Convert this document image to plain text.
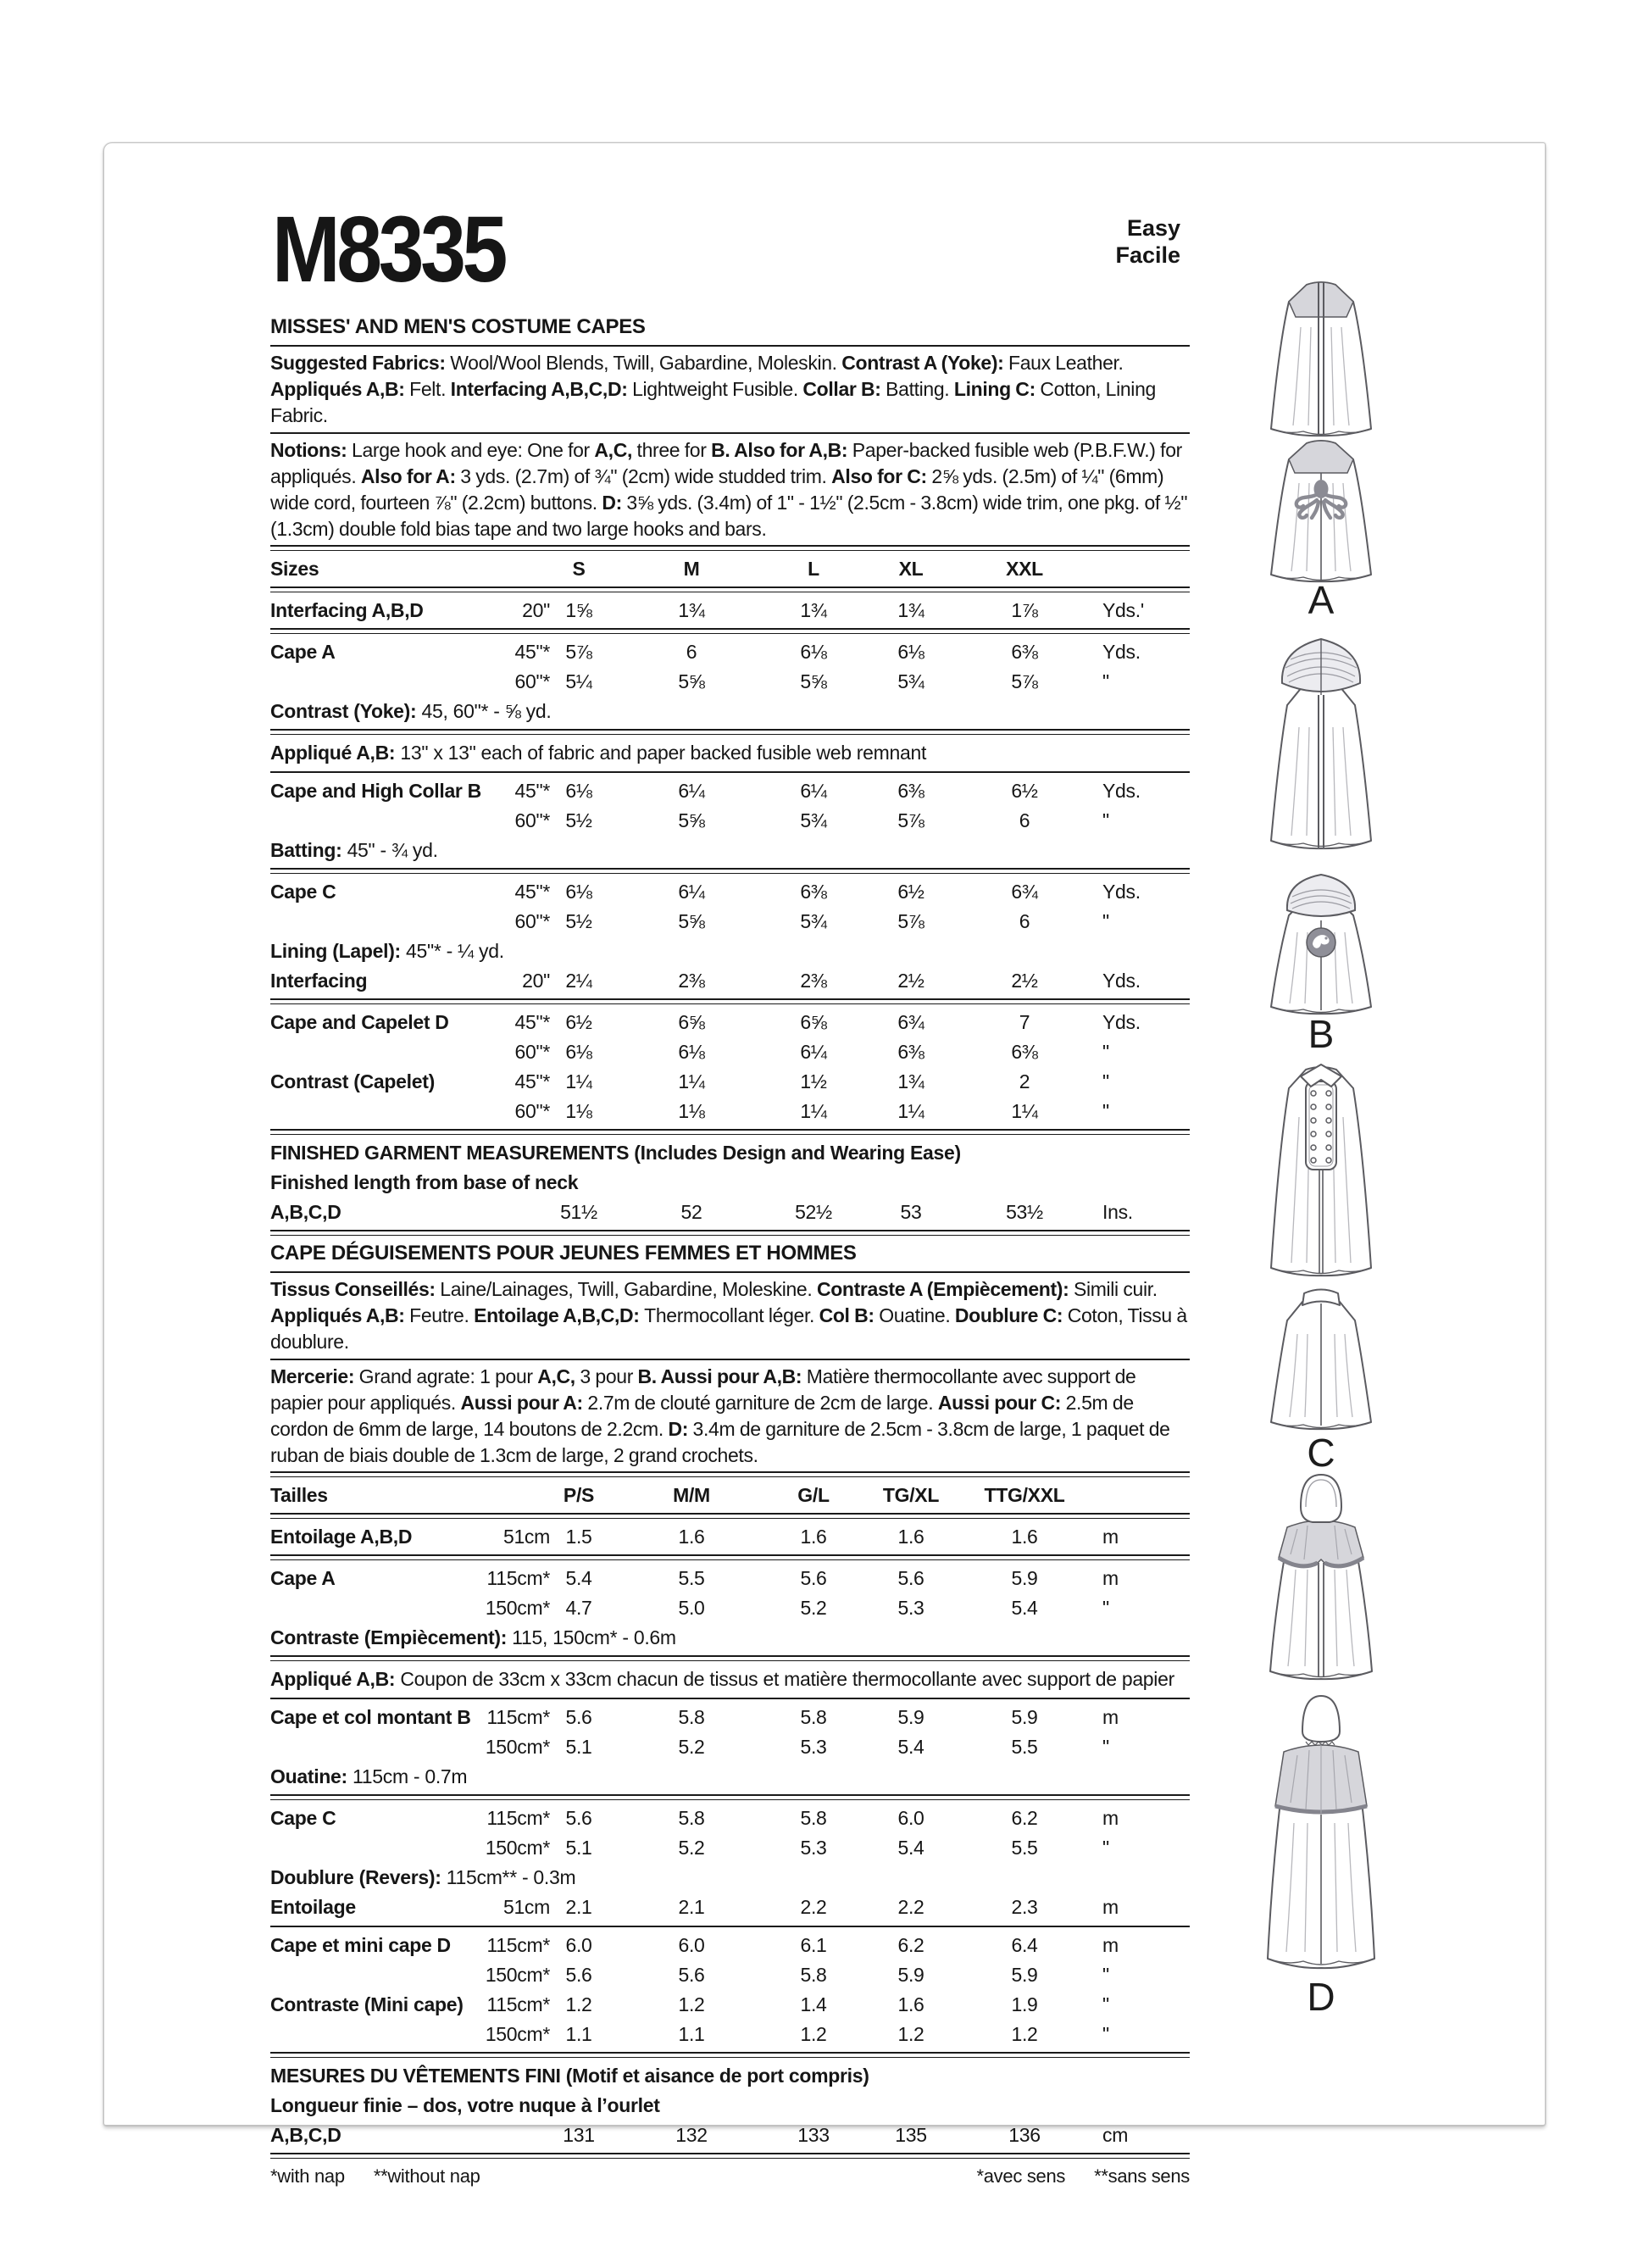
M8335	Easy
Facile
MISSES' AND MEN'S COSTUME CAPES
Suggested Fabrics: Wool/Wool Blends, Twill, Gabardine, Moleskin. Contrast A (Yoke): Faux Leather. Appliqués A,B: Felt. Interfacing A,B,C,D: Lightweight Fusible. Collar B: Batting. Lining C: Cotton, Lining Fabric.
Notions: Large hook and eye: One for A,C, three for B. Also for A,B: Paper-backed fusible web (P.B.F.W.) for appliqués. Also for A: 3 yds. (2.7m) of ¾" (2cm) wide studded trim. Also for C: 2⅝ yds. (2.5m) of ¼" (6mm) wide cord, fourteen ⅞" (2.2cm) buttons. D: 3⅝ yds. (3.4m) of 1" - 1½" (2.5cm - 3.8cm) wide trim, one pkg. of ½" (1.3cm) double fold bias tape and two large hooks and bars.
Sizes	S	M	L	XL	XXL
Interfacing A,B,D	20" 1⅝	1¾	1¾	1¾	1⅞	Yds.'
Cape A	45"* 5⅞	6	6⅛	6⅛	6⅜	Yds.
60"* 5¼	5⅝	5⅝	5¾	5⅞	"
Contrast (Yoke): 45, 60"* - ⅝ yd.
Appliqué A,B: 13" x 13" each of fabric and paper backed fusible web remnant
Cape and High Collar B	45"* 6⅛	6¼	6¼	6⅜	6½	Yds.
60"* 5½	5⅝	5¾	5⅞	6	"
Batting: 45" - ¾ yd.
Cape C	45"* 6⅛	6¼	6⅜	6½	6¾	Yds.
60"* 5½	5⅝	5¾	5⅞	6	"
Lining (Lapel): 45"* - ¼ yd.
Interfacing	20" 2¼	2⅜	2⅜	2½	2½	Yds.
Cape and Capelet D	45"* 6½	6⅝	6⅝	6¾	7	Yds.
60"* 6⅛	6⅛	6¼	6⅜	6⅜	"
Contrast (Capelet)	45"* 1¼	1¼	1½	1¾	2	"
60"* 1⅛	1⅛	1¼	1¼	1¼	"
FINISHED GARMENT MEASUREMENTS (Includes Design and Wearing Ease)
Finished length from base of neck
A,B,C,D	51½	52	52½	53	53½	Ins.
CAPE DÉGUISEMENTS POUR JEUNES FEMMES ET HOMMES
Tissus Conseillés: Laine/Lainages, Twill, Gabardine, Moleskine. Contraste A (Empiècement): Simili cuir. Appliqués A,B: Feutre. Entoilage A,B,C,D: Thermocollant léger. Col B: Ouatine. Doublure C: Coton, Tissu à doublure.
Mercerie: Grand agrate: 1 pour A,C, 3 pour B. Aussi pour A,B: Matière thermocollante avec support de papier pour appliqués. Aussi pour A: 2.7m de clouté garniture de 2cm de large. Aussi pour C: 2.5m de cordon de 6mm de large, 14 boutons de 2.2cm. D: 3.4m de garniture de 2.5cm - 3.8cm de large, 1 paquet de ruban de biais double de 1.3cm de large, 2 grand crochets.
Tailles	P/S	M/M	G/L	TG/XL	TTG/XXL
Entoilage A,B,D	51cm 1.5	1.6	1.6	1.6	1.6	m
Cape A	115cm* 5.4	5.5	5.6	5.6	5.9	m
150cm* 4.7	5.0	5.2	5.3	5.4	"
Contraste (Empiècement): 115, 150cm* - 0.6m
Appliqué A,B: Coupon de 33cm x 33cm chacun de tissus et matière thermocollante avec support de papier
Cape et col montant B 115cm* 5.6	5.8	5.8	5.9	5.9	m
150cm* 5.1	5.2	5.3	5.4	5.5	"
Ouatine: 115cm - 0.7m
Cape C	115cm* 5.6	5.8	5.8	6.0	6.2	m
150cm* 5.1	5.2	5.3	5.4	5.5	"
Doublure (Revers): 115cm** - 0.3m
Entoilage	51cm 2.1	2.1	2.2	2.2	2.3	m
Cape et mini cape D	115cm* 6.0	6.0	6.1	6.2	6.4	m
150cm* 5.6	5.6	5.8	5.9	5.9	"
Contraste (Mini cape)	115cm* 1.2	1.2	1.4	1.6	1.9	"
150cm* 1.1	1.1	1.2	1.2	1.2	"
MESURES DU VÊTEMENTS FINI (Motif et aisance de port compris)
Longueur finie – dos, votre nuque à l’ourlet
A,B,C,D	131	132	133	135	136	cm
*with nap **without nap	*avec sens **sans sens
A
B
C
D
